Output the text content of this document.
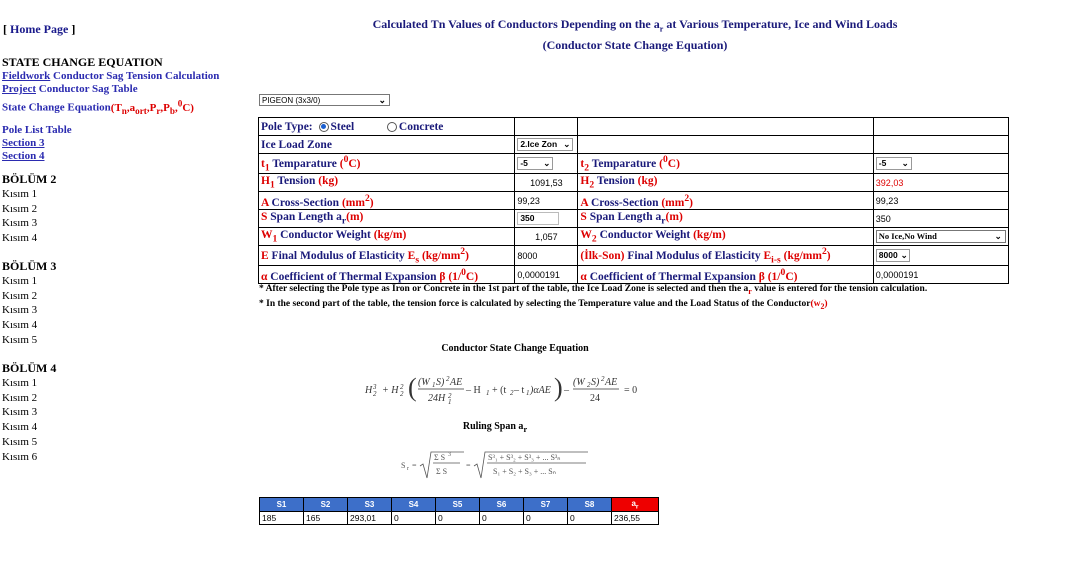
[ Home Page ]
STATE CHANGE EQUATION
Fieldwork Conductor Sag Tension Calculation
Project Conductor Sag Table
State Change $Equation(T_n,a_{ort},P_r,P_b,^0C)$
Pole List Table
Section 3
Section 4
BÖLÜM 2
Kısım 1
Kısım 2
Kısım 3
Kısım 4
BÖLÜM 3
Kısım 1
Kısım 2
Kısım 3
Kısım 4
Kısım 5
BÖLÜM 4
Kısım 1
Kısım 2
Kısım 3
Kısım 4
Kısım 5
Kısım 6
Calculated Tn Values of Conductors Depending on the $a_r$ at Various Temperature, Ice and Wind Loads
(Conductor State Change Equation)
PIGEON (3x3/0)	⌄
Pole Type: Steel Concrete			
Ice Load Zone	2.Ice Zon ⌄		

$t_1$ Temparature ($^0$C)	-5 ⌄	$t_2$ Temparature ($^0$C)	-5 ⌄

$H_1$ Tension (kg)	1091,53	$H_2$ Tension (kg)	392,03
A Cross-Section $(mm^2)$	99,23	A Cross-Section $(mm^2)$	99,23
S Span Length $a_r(m)$	350	S Span Length $a_r(m)$	350
$W_1$ Conductor Weight (kg/m)	1,057	$W_2$ Conductor Weight (kg/m)	No Ice,No Wind ⌄

E Final Modulus of Elasticity $E_s$ $(kg/mm^2)$	8000	(İlk-Son) Final Modulus of Elasticity $E_{i-s}$ $(kg/mm^2)$	8000 ⌄

α Coefficient of Thermal Expansion β (1/$^0$C)	0,0000191	α Coefficient of Thermal Expansion β (1/$^0$C)	0,0000191
* After selecting the Pole type as Iron or Concrete in the 1st part of the table, the Ice Load Zone is selected and then the $a_r$ value is entered for the tension calculation.
* In the second part of the table, the tension force is calculated by selecting the Temperature value and the Load Status of the $Conductor(w_2)$
Conductor State Change Equation
H 3
2 + H 2
2 ( (W 1 S) 2 AE
24H 2
1
– H 1 + (t 2 – t 1 )αAE ) –
(W 2 S) 2 AE
24
= 0
Ruling Span $a_r$
S r =
Σ S 3
Σ S
=
S³₁ + S³₂ + S³₃ + ... S³ₙ
S₁ + S₂ + S₃ + ... Sₙ
S1	S2	S3	S4	S5	S6	S7	S8	$a_r$
185	165	293,01	0	0	0	0	0	236,55
